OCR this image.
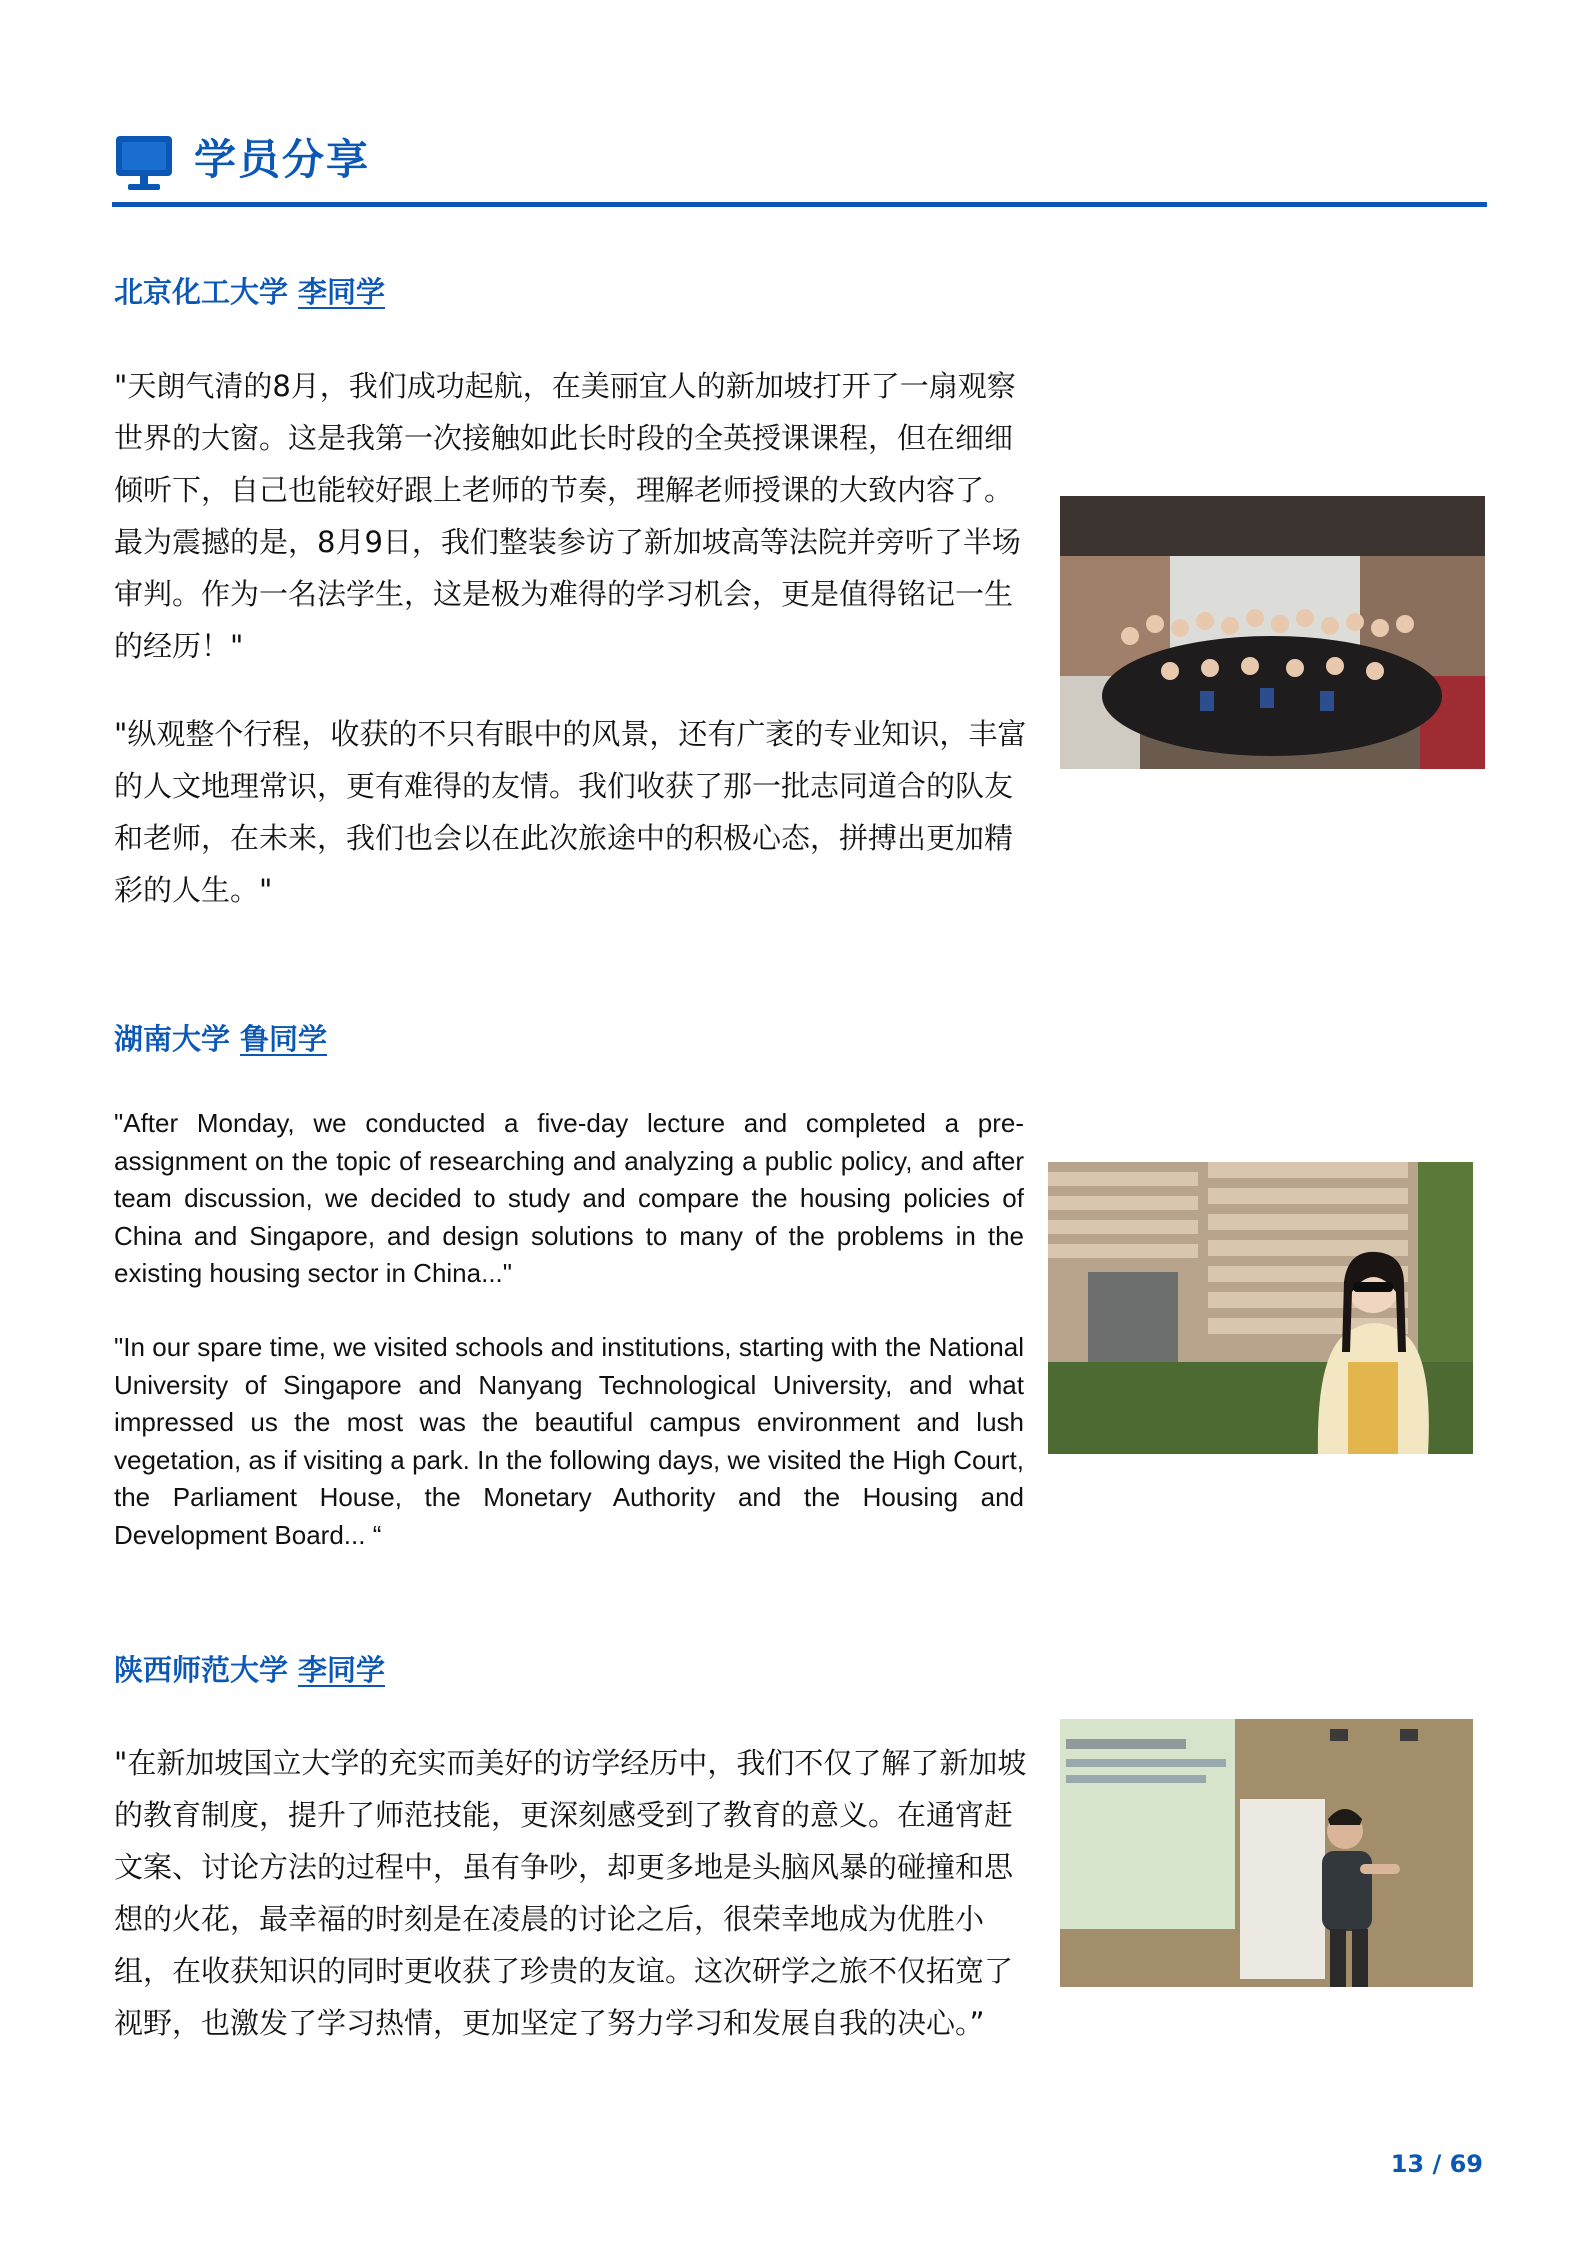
学员分享
北京化工大学 李同学

"天朗气清的8月，我们成功起航，在美丽宜人的新加坡打开了一扇观察世界的大窗。这是我第一次接触如此长时段的全英授课课程，但在细细倾听下，自己也能较好跟上老师的节奏，理解老师授课的大致内容了。最为震撼的是，8月9日，我们整装参访了新加坡高等法院并旁听了半场审判。作为一名法学生，这是极为难得的学习机会，更是值得铭记一生的经历！"

"纵观整个行程，收获的不只有眼中的风景，还有广袤的专业知识，丰富的人文地理常识，更有难得的友情。我们收获了那一批志同道合的队友和老师，在未来，我们也会以在此次旅途中的积极心态，拼搏出更加精彩的人生。"

湖南大学 鲁同学

"After Monday, we conducted a five-day lecture and completed a pre-assignment on the topic of researching and analyzing a public policy, and after team discussion, we decided to study and compare the housing policies of China and Singapore, and design solutions to many of the problems in the existing housing sector in China..."

"In our spare time, we visited schools and institutions, starting with the National University of Singapore and Nanyang Technological University, and what impressed us the most was the beautiful campus environment and lush vegetation, as if visiting a park. In the following days, we visited the High Court, the Parliament House, the Monetary Authority and the Housing and Development Board... “

陕西师范大学 李同学

"在新加坡国立大学的充实而美好的访学经历中，我们不仅了解了新加坡的教育制度，提升了师范技能，更深刻感受到了教育的意义。在通宵赶文案、讨论方法的过程中，虽有争吵，却更多地是头脑风暴的碰撞和思想的火花，最幸福的时刻是在凌晨的讨论之后，很荣幸地成为优胜小组，在收获知识的同时更收获了珍贵的友谊。这次研学之旅不仅拓宽了视野，也激发了学习热情，更加坚定了努力学习和发展自我的决心。”

13 / 69
